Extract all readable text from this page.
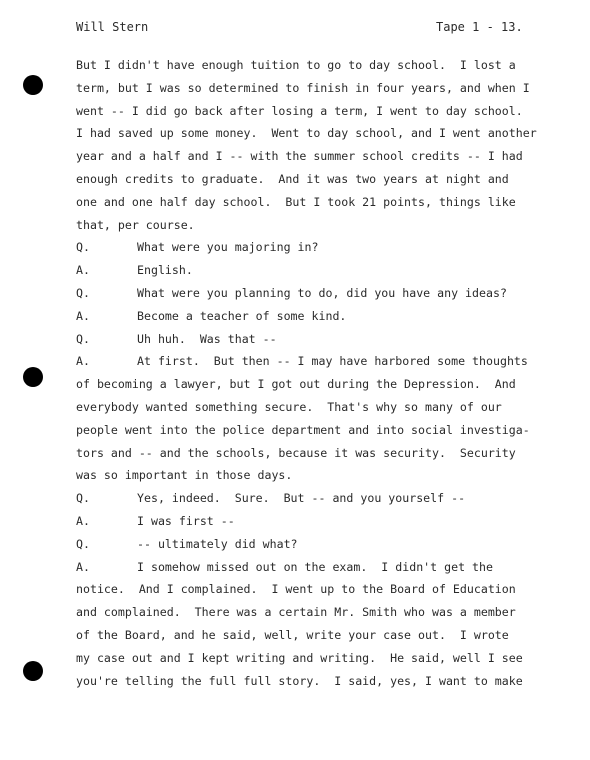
Will Stern	Tape 1 - 13.
But I didn't have enough tuition to go to day school.  I lost a
term, but I was so determined to finish in four years, and when I
went -- I did go back after losing a term, I went to day school.
I had saved up some money.  Went to day school, and I went another
year and a half and I -- with the summer school credits -- I had
enough credits to graduate.  And it was two years at night and
one and one half day school.  But I took 21 points, things like
that, per course.
Q.	What were you majoring in?
A.	English.
Q.	What were you planning to do, did you have any ideas?
A.	Become a teacher of some kind.
Q.	Uh huh.  Was that --
A.	At first.  But then -- I may have harbored some thoughts
of becoming a lawyer, but I got out during the Depression.  And
everybody wanted something secure.  That's why so many of our
people went into the police department and into social investiga-
tors and -- and the schools, because it was security.  Security
was so important in those days.
Q.	Yes, indeed.  Sure.  But -- and you yourself --
A.	I was first --
Q.	-- ultimately did what?
A.	I somehow missed out on the exam.  I didn't get the
notice.  And I complained.  I went up to the Board of Education
and complained.  There was a certain Mr. Smith who was a member
of the Board, and he said, well, write your case out.  I wrote
my case out and I kept writing and writing.  He said, well I see
you're telling the full full story.  I said, yes, I want to make
